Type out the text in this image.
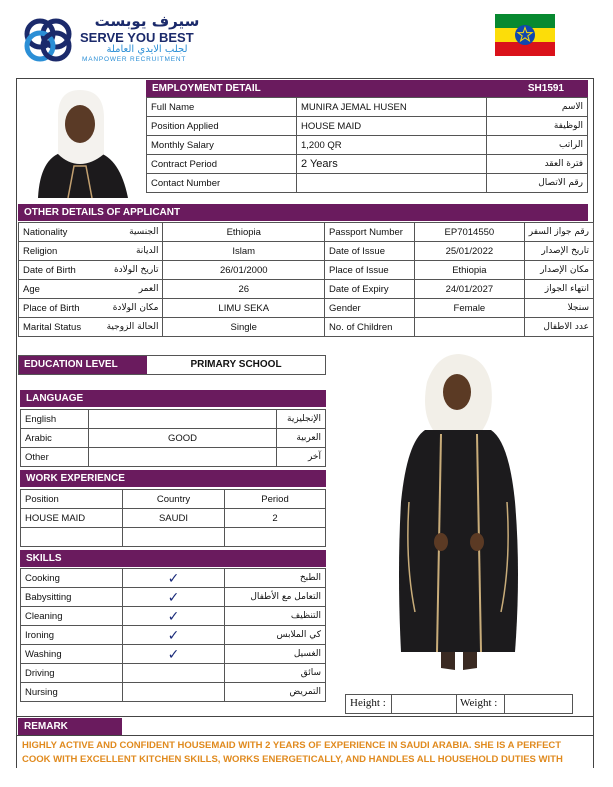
سيرف يوبست
SERVE YOU BEST
لجلب الايدي العاملة
MANPOWER RECRUITMENT
EMPLOYMENT DETAIL	SH1591
Full Name	MUNIRA JEMAL HUSEN	الاسم
Position Applied	HOUSE MAID	الوظيفة
Monthly Salary	1,200 QR	الراتب
Contract Period	2 Years	فترة العقد
Contact Number		رقم الاتصال
OTHER DETAILS OF APPLICANT
Nationality	الجنسية	Ethiopia	Passport Number	EP7014550	رقم جواز السفر
Religion	الديانة	Islam	Date of Issue	25/01/2022	تاريخ الإصدار
Date of Birth	تاريخ الولادة	26/01/2000	Place of Issue	Ethiopia	مكان الإصدار
Age	العمر	26	Date of Expiry	24/01/2027	انتهاء الجواز
Place of Birth	مكان الولادة	LIMU SEKA	Gender	Female	سنجلا
Marital Status	الحالة الزوجية	Single	No. of Children		عدد الاطفال
EDUCATION LEVEL	PRIMARY SCHOOL
LANGUAGE
English		الإنجليزية
Arabic	GOOD	العربية
Other		آخر
WORK EXPERIENCE
Position	Country	Period
HOUSE MAID	SAUDI	2

SKILLS
Cooking	✓	الطبخ
Babysitting	✓	التعامل مع الأطفال
Cleaning	✓	التنظيف
Ironing	✓	كي الملابس
Washing	✓	الغسيل
Driving		سائق
Nursing		التمريض
Height :	Weight :
REMARK
HIGHLY ACTIVE AND CONFIDENT HOUSEMAID WITH 2 YEARS OF EXPERIENCE IN SAUDI ARABIA. SHE IS A PERFECT COOK WITH EXCELLENT KITCHEN SKILLS, WORKS ENERGETICALLY, AND HANDLES ALL HOUSEHOLD DUTIES WITH
